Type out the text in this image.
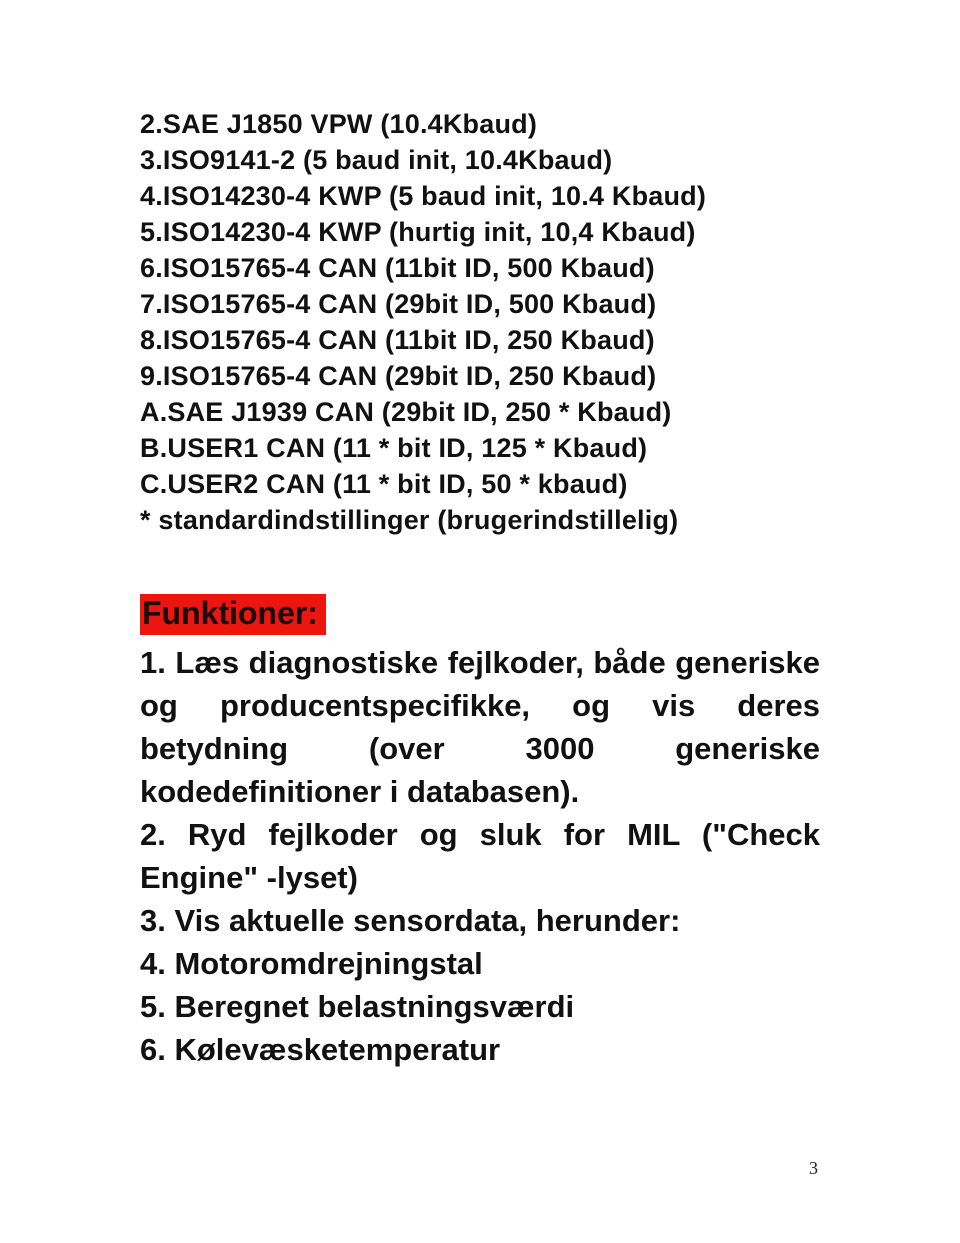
2.SAE J1850 VPW (10.4Kbaud)
3.ISO9141-2 (5 baud init, 10.4Kbaud)
4.ISO14230-4 KWP (5 baud init, 10.4 Kbaud)
5.ISO14230-4 KWP (hurtig init, 10,4 Kbaud)
6.ISO15765-4 CAN (11bit ID, 500 Kbaud)
7.ISO15765-4 CAN (29bit ID, 500 Kbaud)
8.ISO15765-4 CAN (11bit ID, 250 Kbaud)
9.ISO15765-4 CAN (29bit ID, 250 Kbaud)
A.SAE J1939 CAN (29bit ID, 250 * Kbaud)
B.USER1 CAN (11 * bit ID, 125 * Kbaud)
C.USER2 CAN (11 * bit ID, 50 * kbaud)
* standardindstillinger (brugerindstillelig)
Funktioner:

1. Læs diagnostiske fejlkoder, både generiske og producentspecifikke, og vis deres betydning (over 3000 generiske kodedefinitioner i databasen).

2. Ryd fejlkoder og sluk for MIL ("Check Engine" -lyset)

3. Vis aktuelle sensordata, herunder:

4. Motoromdrejningstal

5. Beregnet belastningsværdi

6. Kølevæsketemperatur

3
